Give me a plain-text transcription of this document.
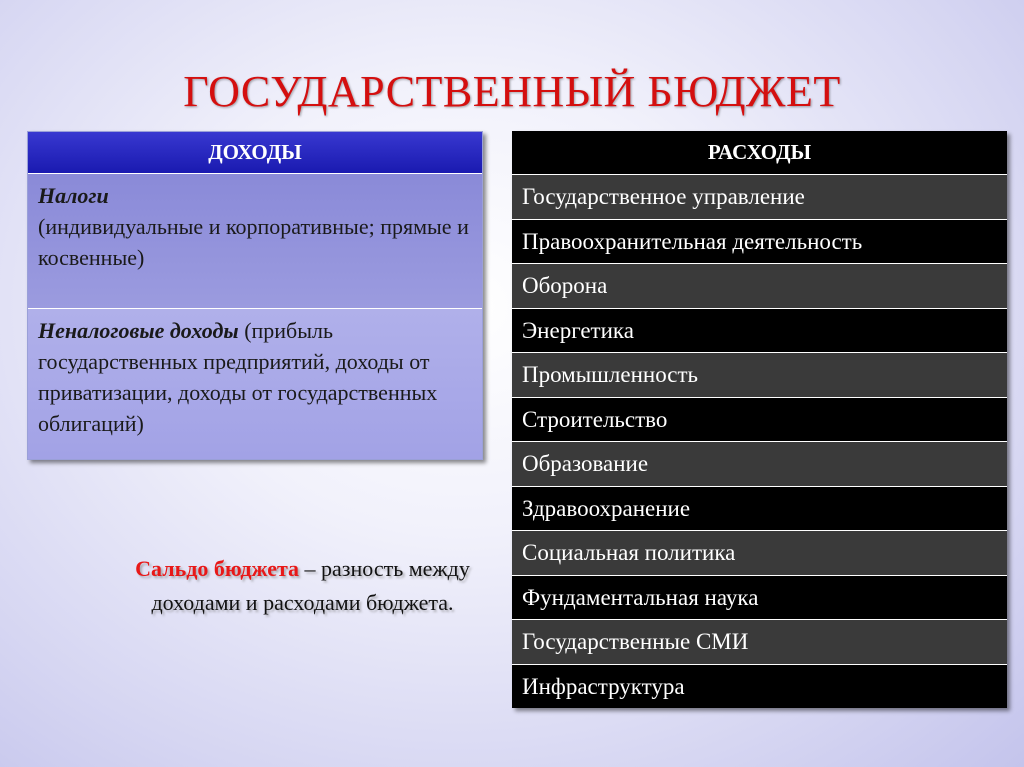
ГОСУДАРСТВЕННЫЙ БЮДЖЕТ
ДОХОДЫ
Налоги
(индивидуальные и корпоративные; прямые и косвенные)
Неналоговые доходы (прибыль государственных предприятий, доходы от приватизации, доходы от государственных облигаций)
Сальдо бюджета – разность между доходами и расходами бюджета.
РАСХОДЫ
Государственное управление
Правоохранительная деятельность
Оборона
Энергетика
Промышленность
Строительство
Образование
Здравоохранение
Социальная политика
Фундаментальная наука
Государственные СМИ
Инфраструктура
